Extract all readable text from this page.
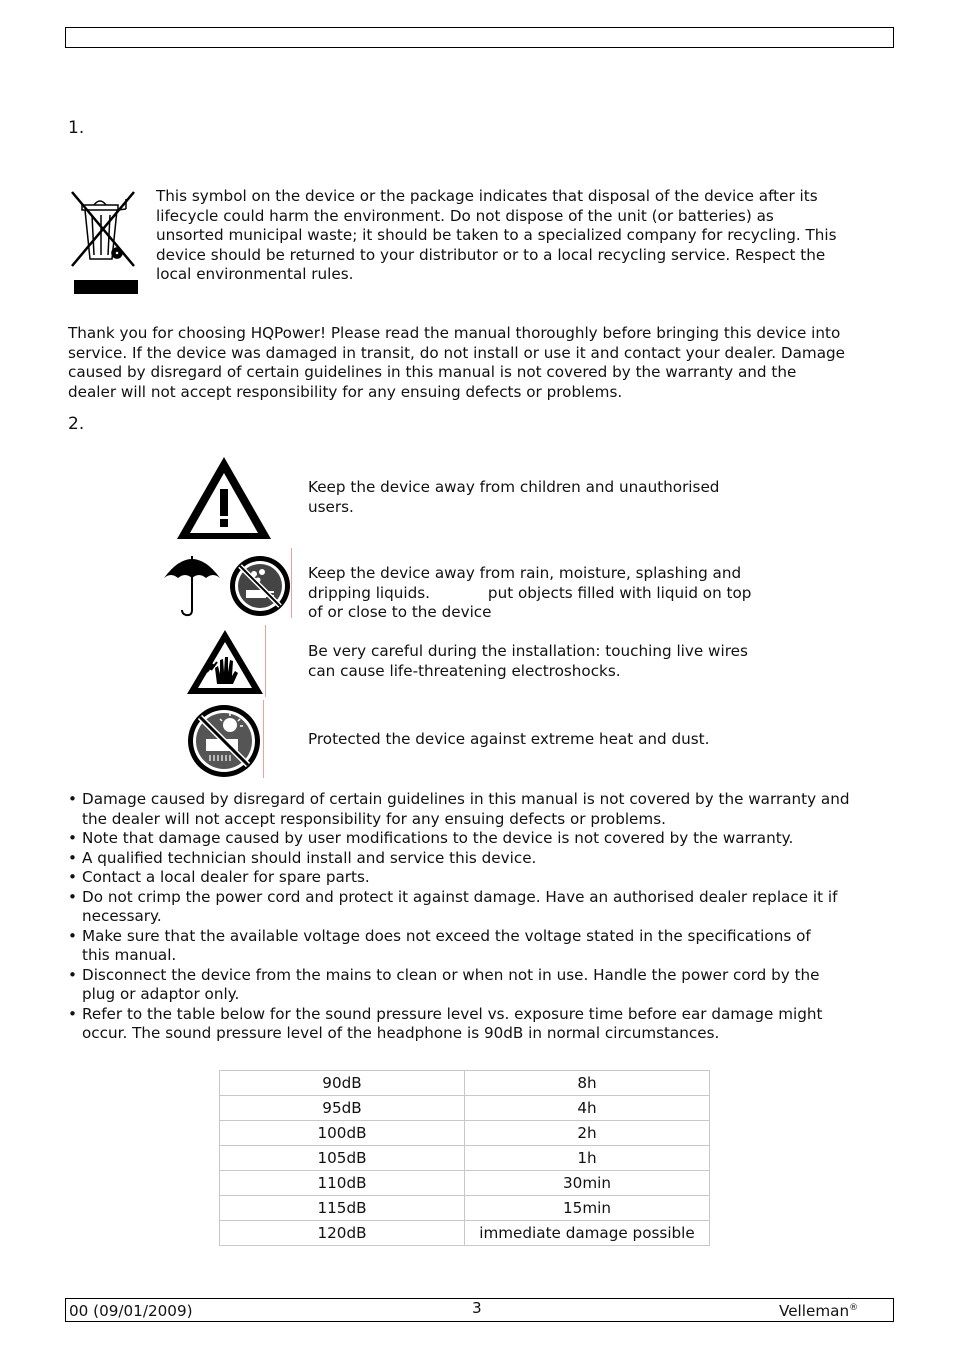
1.
This symbol on the device or the package indicates that disposal of the device after its
lifecycle could harm the environment. Do not dispose of the unit (or batteries) as
unsorted municipal waste; it should be taken to a specialized company for recycling. This
device should be returned to your distributor or to a local recycling service. Respect the
local environmental rules.
Thank you for choosing HQPower! Please read the manual thoroughly before bringing this device into
service. If the device was damaged in transit, do not install or use it and contact your dealer. Damage
caused by disregard of certain guidelines in this manual is not covered by the warranty and the
dealer will not accept responsibility for any ensuing defects or problems.
2.
Keep the device away from children and unauthorised
users.
Keep the device away from rain, moisture, splashing and
dripping liquids.            put objects filled with liquid on top
of or close to the device
Be very careful during the installation: touching live wires
can cause life-threatening electroshocks.
Protected the device against extreme heat and dust.
• Damage caused by disregard of certain guidelines in this manual is not covered by the warranty and
the dealer will not accept responsibility for any ensuing defects or problems.
• Note that damage caused by user modifications to the device is not covered by the warranty.
• A qualified technician should install and service this device.
• Contact a local dealer for spare parts.
• Do not crimp the power cord and protect it against damage. Have an authorised dealer replace it if
necessary.
• Make sure that the available voltage does not exceed the voltage stated in the specifications of
this manual.
• Disconnect the device from the mains to clean or when not in use. Handle the power cord by the
plug or adaptor only.
• Refer to the table below for the sound pressure level vs. exposure time before ear damage might
occur. The sound pressure level of the headphone is 90dB in normal circumstances.
90dB	8h
95dB	4h
100dB	2h
105dB	1h
110dB	30min
115dB	15min
120dB	immediate damage possible
00 (09/01/2009)	3	Velleman®
